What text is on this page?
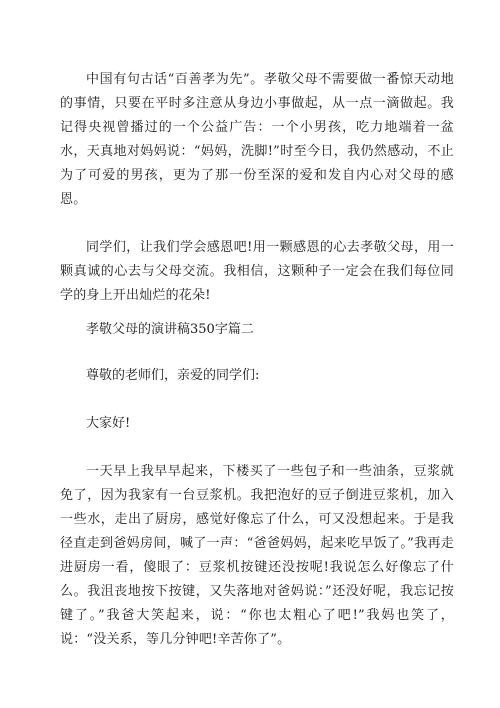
中国有句古话“百善孝为先”。孝敬父母不需要做一番惊天动地的事情，只要在平时多注意从身边小事做起，从一点一滴做起。我记得央视曾播过的一个公益广告：一个小男孩，吃力地端着一盆水，天真地对妈妈说：“妈妈，洗脚!”时至今日，我仍然感动，不止为了可爱的男孩，更为了那一份至深的爱和发自内心对父母的感恩。

同学们，让我们学会感恩吧!用一颗感恩的心去孝敬父母，用一颗真诚的心去与父母交流。我相信，这颗种子一定会在我们每位同学的身上开出灿烂的花朵!

孝敬父母的演讲稿350字篇二

尊敬的老师们，亲爱的同学们:

大家好!

一天早上我早早起来，下楼买了一些包子和一些油条，豆浆就免了，因为我家有一台豆浆机。我把泡好的豆子倒进豆浆机，加入一些水，走出了厨房，感觉好像忘了什么，可又没想起来。于是我径直走到爸妈房间，喊了一声：“爸爸妈妈，起来吃早饭了。”我再走进厨房一看，傻眼了：豆浆机按键还没按呢!我说怎么好像忘了什么。我沮丧地按下按键，又失落地对爸妈说：”还没好呢，我忘记按键了。”我爸大笑起来，说：“你也太粗心了吧!”我妈也笑了，说：“没关系，等几分钟吧!辛苦你了”。
